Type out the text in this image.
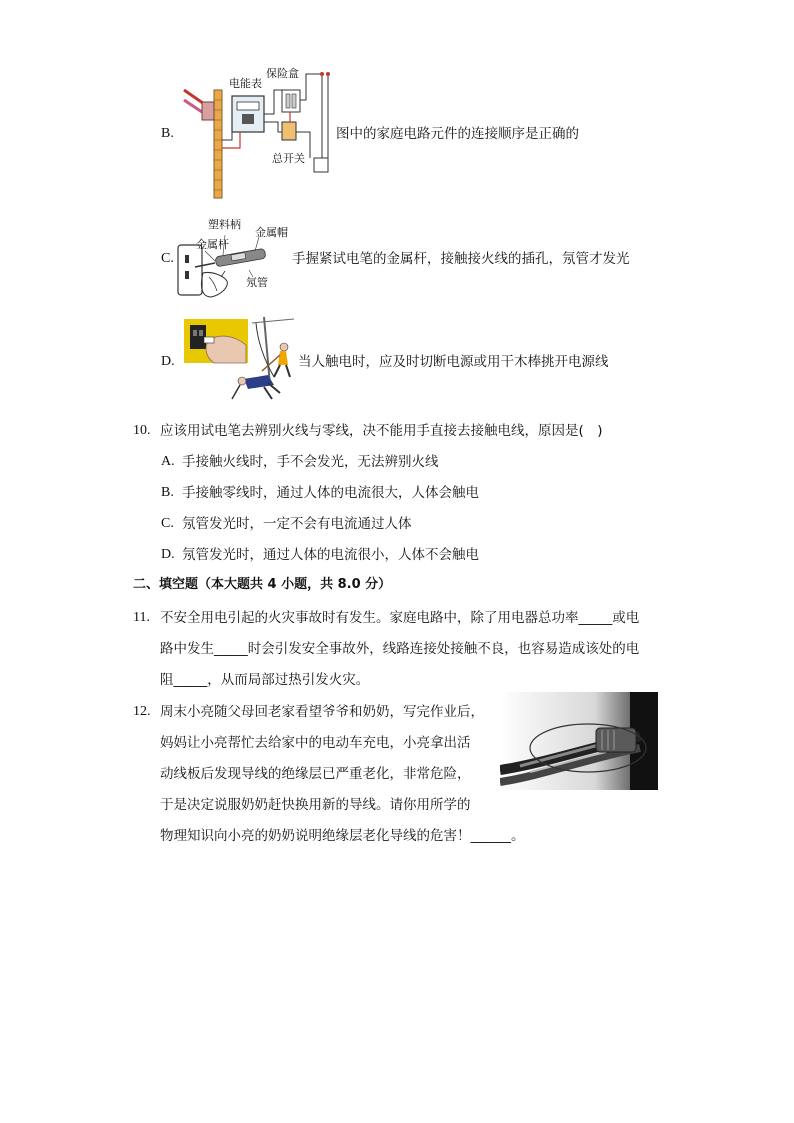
B.
电能表
保险盒
总开关
图中的家庭电路元件的连接顺序是正确的
C.
塑料柄
金属杆
金属帽
氖管
手握紧试电笔的金属杆，接触接火线的插孔，氖管才发光
D.	当人触电时，应及时切断电源或用干木棒挑开电源线
10. 应该用试电笔去辨别火线与零线，决不能用手直接去接触电线，原因是(　)
A. 手接触火线时，手不会发光，无法辨别火线
B. 手接触零线时，通过人体的电流很大，人体会触电
C. 氖管发光时，一定不会有电流通过人体
D. 氖管发光时，通过人体的电流很小，人体不会触电
二、填空题（本大题共 4 小题，共 8.0 分）
11. 不安全用电引起的火灾事故时有发生。家庭电路中，除了用电器总功率_____或电
路中发生_____时会引发安全事故外，线路连接处接触不良，也容易造成该处的电
阻_____，从而局部过热引发火灾。
12. 周末小亮随父母回老家看望爷爷和奶奶，写完作业后，
妈妈让小亮帮忙去给家中的电动车充电，小亮拿出活
动线板后发现导线的绝缘层已严重老化，非常危险，
于是决定说服奶奶赶快换用新的导线。请你用所学的
物理知识向小亮的奶奶说明绝缘层老化导线的危害！______。
